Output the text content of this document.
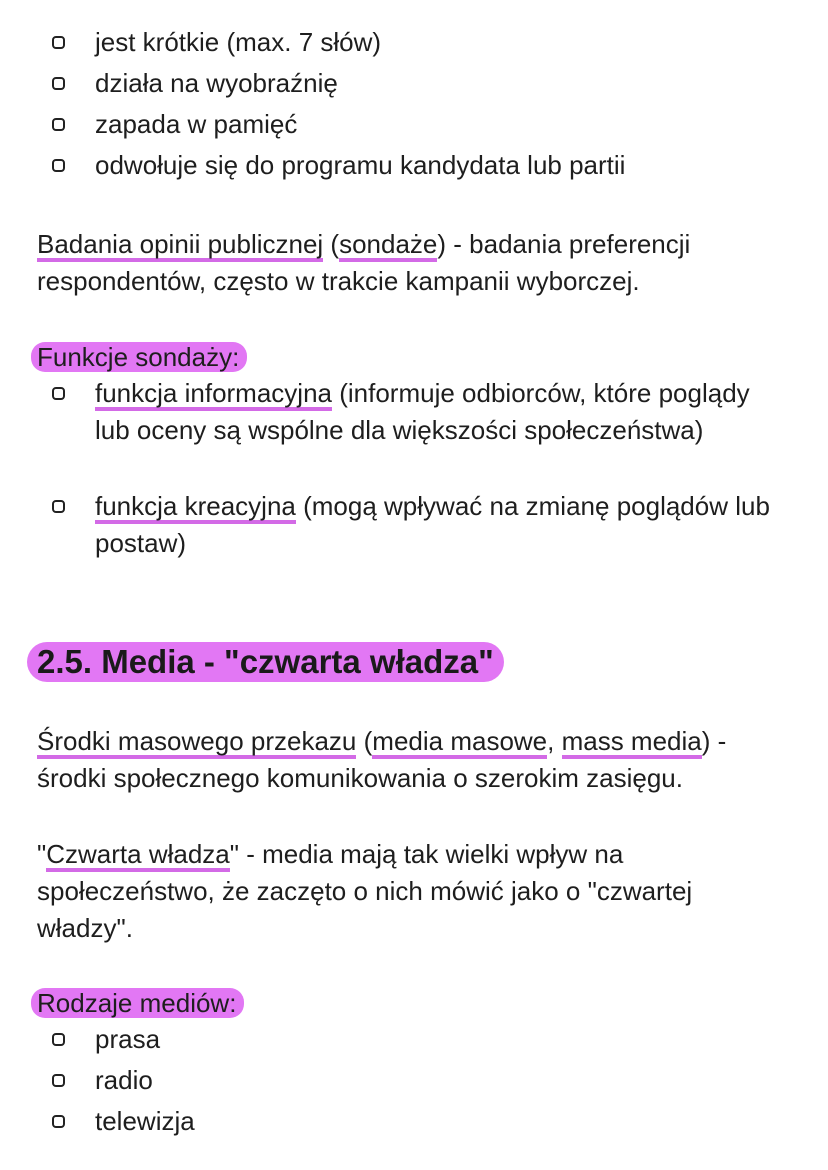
jest krótkie (max. 7 słów)
działa na wyobraźnię
zapada w pamięć
odwołuje się do programu kandydata lub partii
Badania opinii publicznej (sondaże) - badania preferencji respondentów, często w trakcie kampanii wyborczej.
Funkcje sondaży:
funkcja informacyjna (informuje odbiorców, które poglądy lub oceny są wspólne dla większości społeczeństwa)
funkcja kreacyjna (mogą wpływać na zmianę poglądów lub postaw)
2.5. Media - "czwarta władza"
Środki masowego przekazu (media masowe, mass media) - środki społecznego komunikowania o szerokim zasięgu.
"Czwarta władza" - media mają tak wielki wpływ na społeczeństwo, że zaczęto o nich mówić jako o "czwartej władzy".
Rodzaje mediów:
prasa
radio
telewizja
